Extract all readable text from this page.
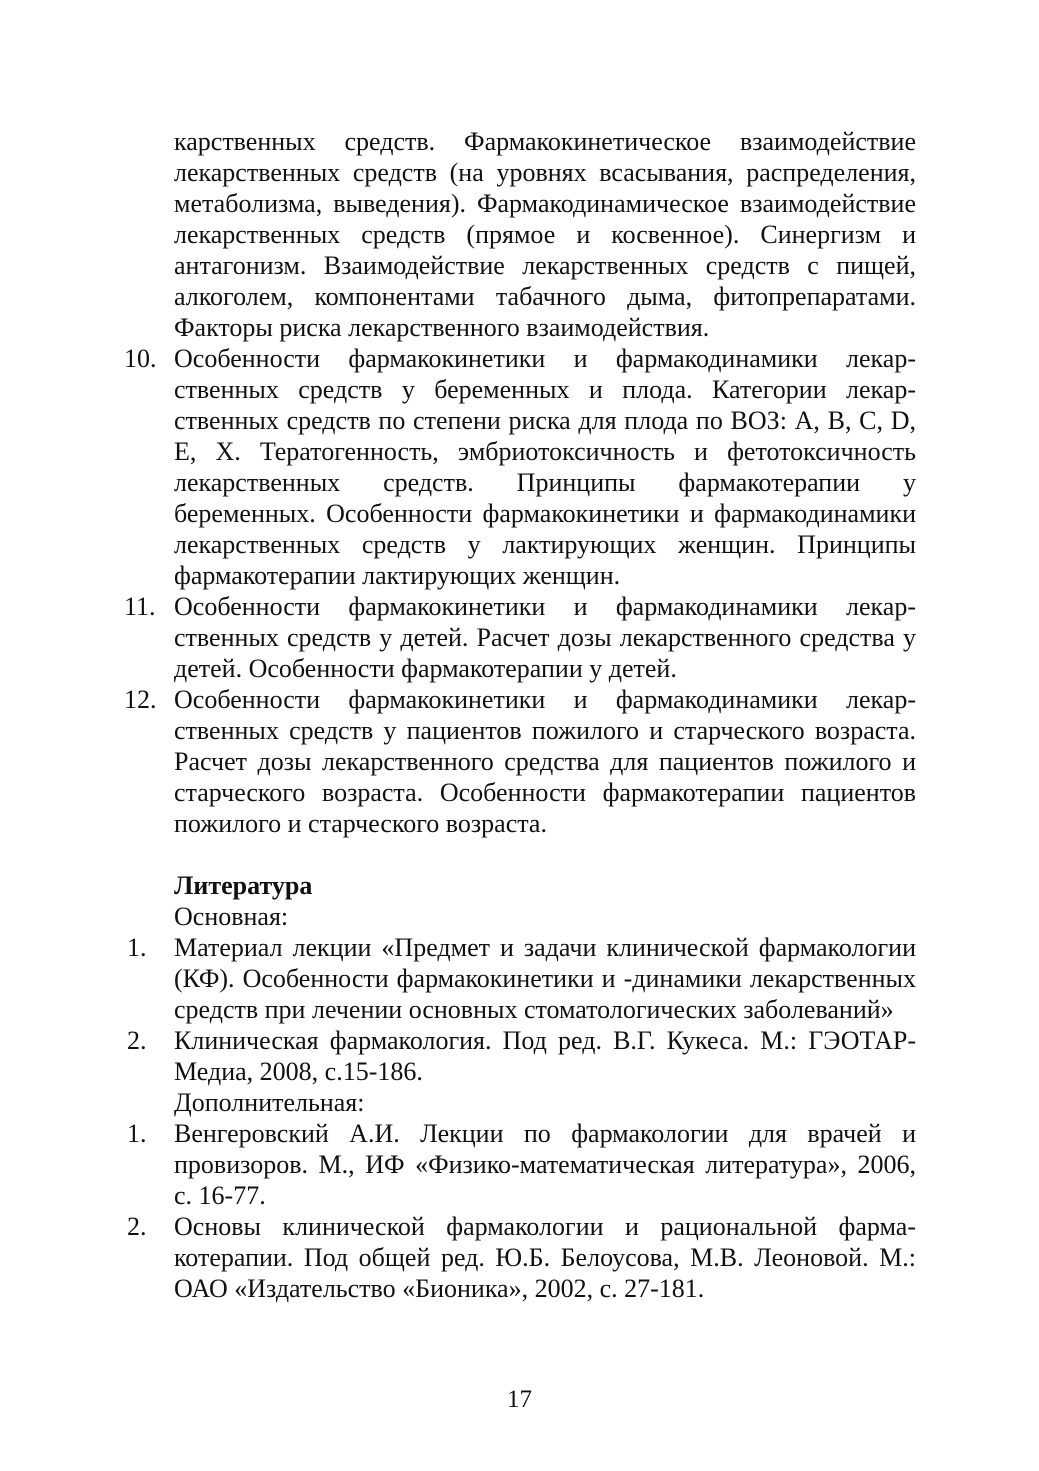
карственных средств. Фармакокинетическое взаимодействие лекарственных средств (на уровнях всасывания, распределения, метаболизма, выведения). Фармакодинамическое взаимодействие лекарственных средств (прямое и косвенное). Синергизм и антагонизм. Взаимодействие лекарственных средств с пищей, алкоголем, компонентами табачного дыма, фитопрепаратами. Факторы риска лекарственного взаимодействия.

10. Особенности фармакокинетики и фармакодинамики лекарственных средств у беременных и плода. Категории лекарственных средств по степени риска для плода по ВОЗ: A, B, C, D, E, X. Тератогенность, эмбриотоксичность и фетотоксичность лекарственных средств. Принципы фармакотерапии у беременных. Особенности фармакокинетики и фармакодинамики лекарственных средств у лактирующих женщин. Принципы фармакотерапии лактирующих женщин.
11. Особенности фармакокинетики и фармакодинамики лекарственных средств у детей. Расчет дозы лекарственного средства у детей. Особенности фармакотерапии у детей.
12. Особенности фармакокинетики и фармакодинамики лекарственных средств у пациентов пожилого и старческого возраста. Расчет дозы лекарственного средства для пациентов пожилого и старческого возраста. Особенности фармакотерапии пациентов пожилого и старческого возраста.

Литература

Основная:

1.	Материал лекции «Предмет и задачи клинической фармакологии (КФ). Особенности фармакокинетики и -динамики лекарственных средств при лечении основных стоматологических заболеваний»
2.	Клиническая фармакология. Под ред. В.Г. Кукеса. М.: ГЭОТАР-Медиа, 2008, с.15-186.

Дополнительная:

1.	Венгеровский А.И. Лекции по фармакологии для врачей и провизоров. М., ИФ «Физико-математическая литература», 2006, с. 16-77.
2.	Основы клинической фармакологии и рациональной фармакотерапии. Под общей ред. Ю.Б. Белоусова, М.В. Леоновой. М.: ОАО «Издательство «Бионика», 2002, с. 27-181.
17
